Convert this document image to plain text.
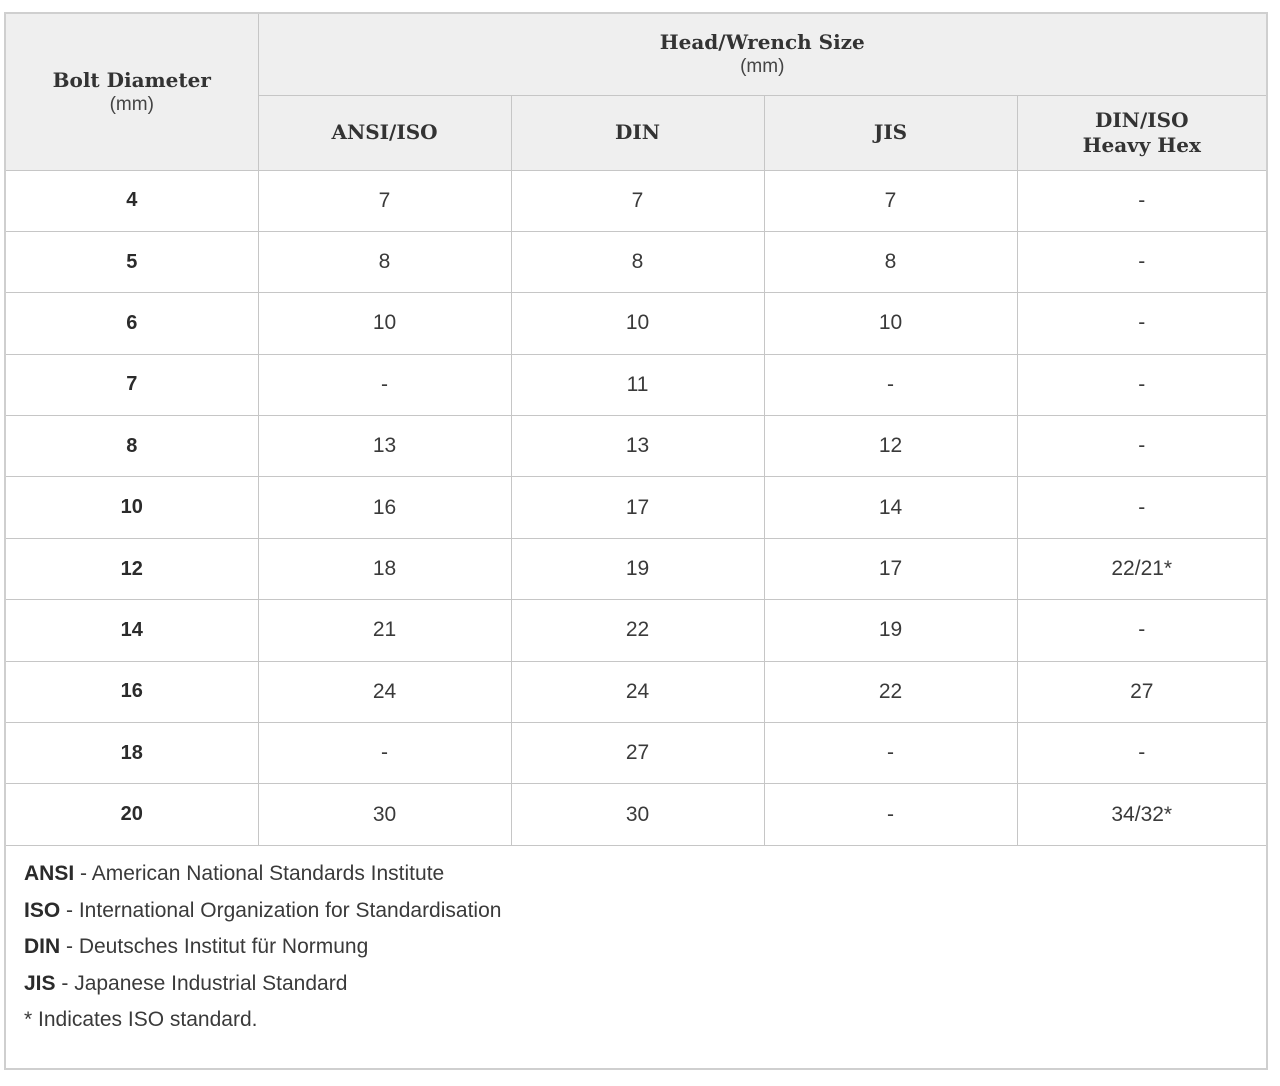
Bolt Diameter
(mm)	Head/Wrench Size
(mm)			

	ANSI/ISO	DIN	JIS	DIN/ISO
Heavy Hex

4	7	7	7	-
5	8	8	8	-
6	10	10	10	-
7	-	11	-	-
8	13	13	12	-
10	16	17	14	-
12	18	19	17	22/21*
14	21	22	19	-
16	24	24	22	27
18	-	27	-	-
20	30	30	-	34/32*
ANSI - American National Standards Institute
ISO - International Organization for Standardisation
DIN - Deutsches Institut für Normung
JIS - Japanese Industrial Standard
* Indicates ISO standard.
